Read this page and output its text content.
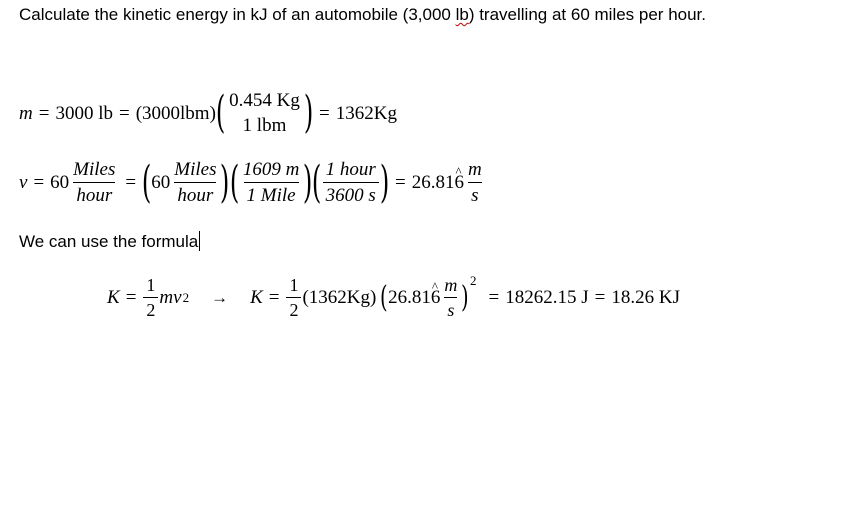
Calculate the kinetic energy in kJ of an automobile (3,000 lb) travelling at 60 miles per hour.

m = 3000 lb = (3000lbm) ( 0.454 Kg
1 lbm ) = 1362Kg
$v = 60 \frac{\text{Miles}}{\text{hour}}$ = ( $60 \frac{\text{Miles}}{\text{hour}}$ ) ( $\frac{1609 m}{\text{1 Mile}}$ ) ( $\frac{\text{1 hour}}{3600 s}$ ) = 26.816 ^ $\frac{m}{s}$

We can use the formula

$K = \frac{1}{2}$ mv $2 \to K = \frac{1}{2} (1362Kg)$ ( 26.816 ^ $\frac{m}{s}$ ) 2
= 18262.15 J = 18.26 KJ
